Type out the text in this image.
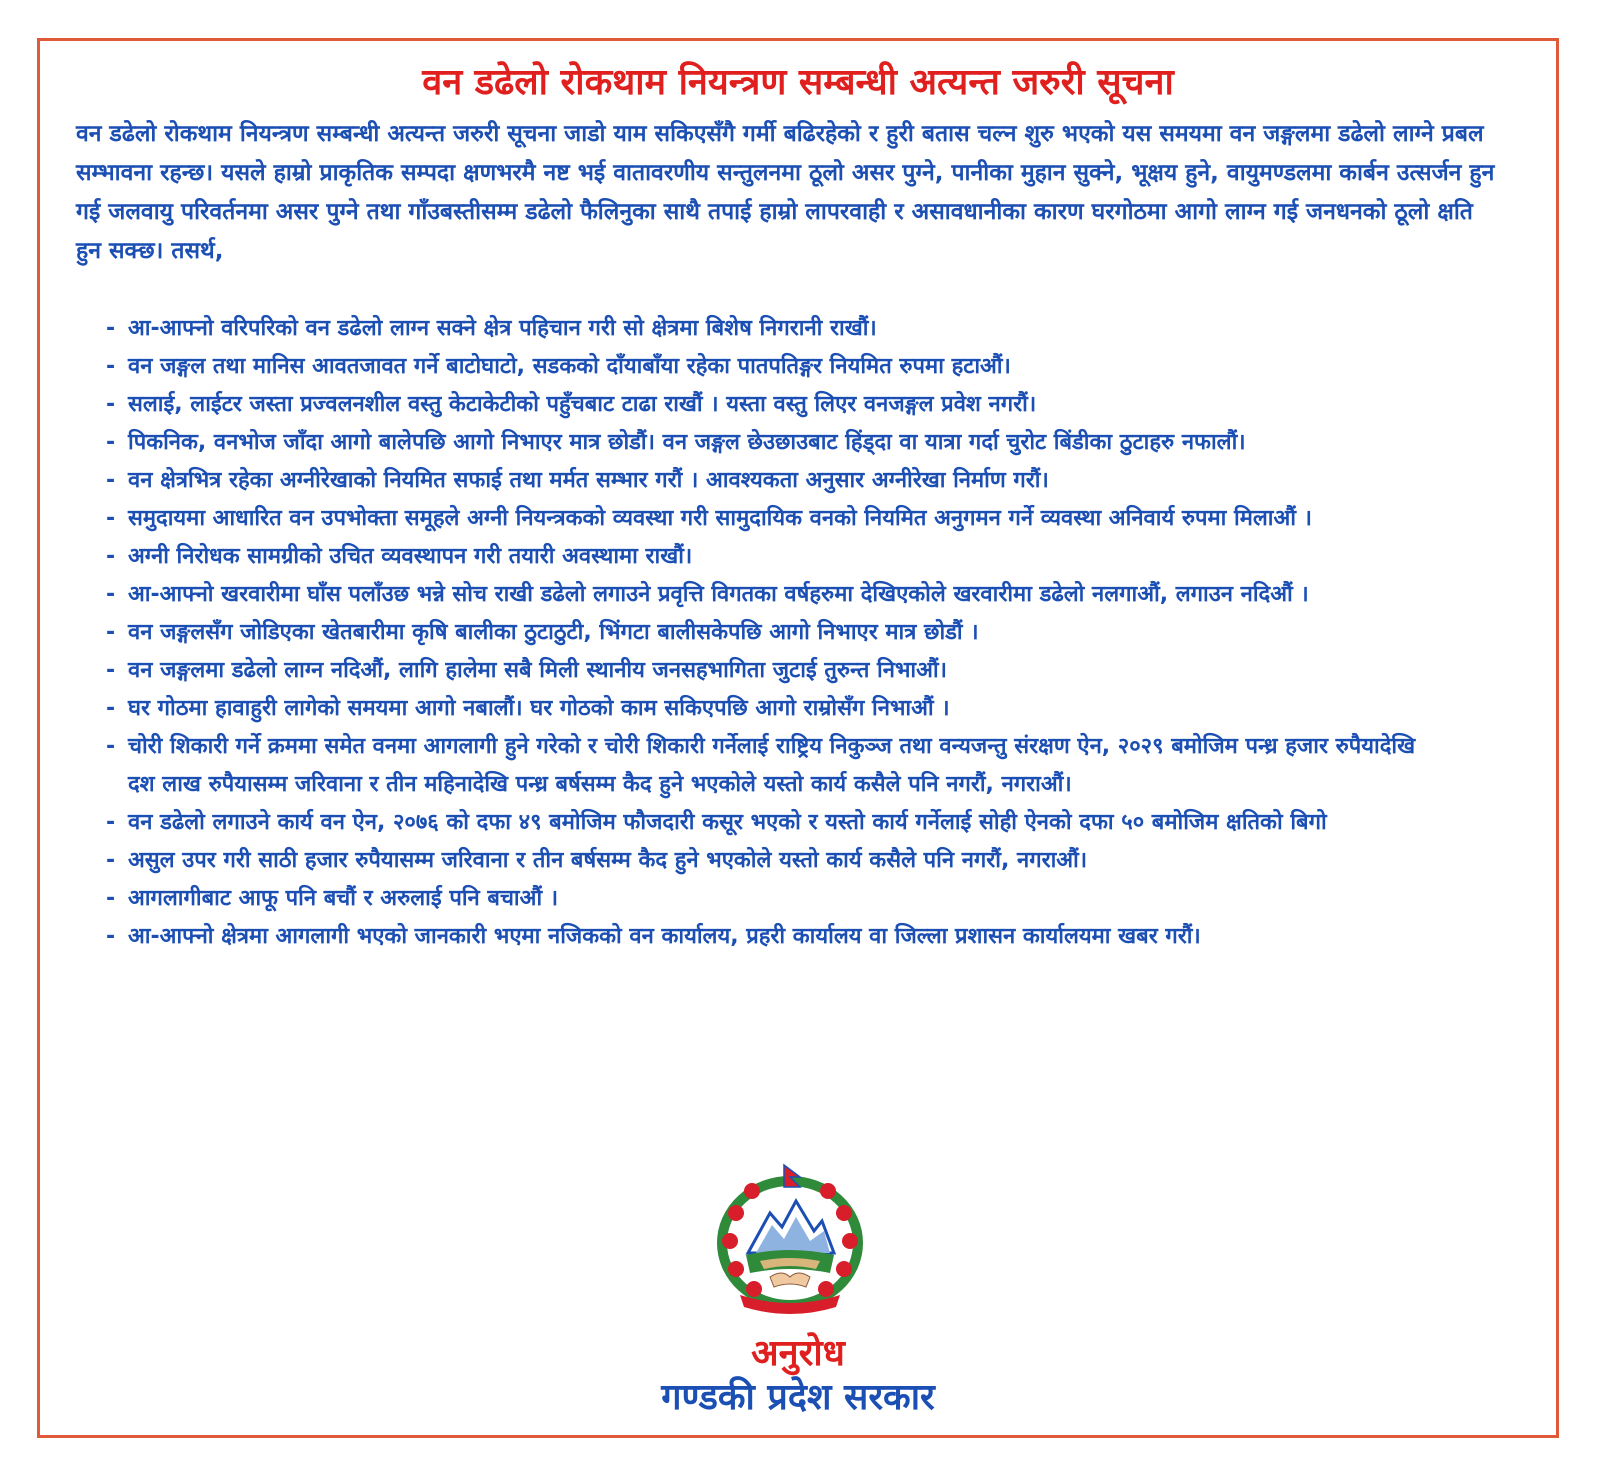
वन डढेलो रोकथाम नियन्त्रण सम्बन्धी अत्यन्त जरुरी सूचना

वन डढेलो रोकथाम नियन्त्रण सम्बन्धी अत्यन्त जरुरी सूचना जाडो याम सकिएसँगै गर्मी बढिरहेको र हुरी बतास चल्न शुरु भएको यस समयमा वन जङ्गलमा डढेलो लाग्ने प्रबल सम्भावना रहन्छ। यसले हाम्रो प्राकृतिक सम्पदा क्षणभरमै नष्ट भई वातावरणीय सन्तुलनमा ठूलो असर पुग्ने, पानीका मुहान सुक्ने, भूक्षय हुने, वायुमण्डलमा कार्बन उत्सर्जन हुन गई जलवायु परिवर्तनमा असर पुग्ने तथा गाँउबस्तीसम्म डढेलो फैलिनुका साथै तपाई हाम्रो लापरवाही र असावधानीका कारण घरगोठमा आगो लाग्न गई जनधनको ठूलो क्षति हुन सक्छ। तसर्थ,

- आ-आफ्नो वरिपरिको वन डढेलो लाग्न सक्ने क्षेत्र पहिचान गरी सो क्षेत्रमा बिशेष निगरानी राखौं।
- वन जङ्गल तथा मानिस आवतजावत गर्ने बाटोघाटो, सडकको दाँयाबाँया रहेका पातपतिङ्गर नियमित रुपमा हटाऔं।
- सलाई, लाईटर जस्ता प्रज्वलनशील वस्तु केटाकेटीको पहुँचबाट टाढा राखौं । यस्ता वस्तु लिएर वनजङ्गल प्रवेश नगरौं।
- पिकनिक, वनभोज जाँदा आगो बालेपछि आगो निभाएर मात्र छोडौं। वन जङ्गल छेउछाउबाट हिंड्दा वा यात्रा गर्दा चुरोट बिंडीका ठुटाहरु नफालौं।
- वन क्षेत्रभित्र रहेका अग्नीरेखाको नियमित सफाई तथा मर्मत सम्भार गरौं । आवश्यकता अनुसार अग्नीरेखा निर्माण गरौं।
- समुदायमा आधारित वन उपभोक्ता समूहले अग्नी नियन्त्रकको व्यवस्था गरी सामुदायिक वनको नियमित अनुगमन गर्ने व्यवस्था अनिवार्य रुपमा मिलाऔं ।
- अग्नी निरोधक सामग्रीको उचित व्यवस्थापन गरी तयारी अवस्थामा राखौं।
- आ-आफ्नो खरवारीमा घाँस पलाँउछ भन्ने सोच राखी डढेलो लगाउने प्रवृत्ति विगतका वर्षहरुमा देखिएकोले खरवारीमा डढेलो नलगाऔं, लगाउन नदिऔं ।
- वन जङ्गलसँग जोडिएका खेतबारीमा कृषि बालीका ठुटाठुटी, भिंगटा बालीसकेपछि आगो निभाएर मात्र छोडौं ।
- वन जङ्गलमा डढेलो लाग्न नदिऔं, लागि हालेमा सबै मिली स्थानीय जनसहभागिता जुटाई तुरुन्त निभाऔं।
- घर गोठमा हावाहुरी लागेको समयमा आगो नबालौं। घर गोठको काम सकिएपछि आगो राम्रोसँग निभाऔं ।
- चोरी शिकारी गर्ने क्रममा समेत वनमा आगलागी हुने गरेको र चोरी शिकारी गर्नेलाई राष्ट्रिय निकुञ्ज तथा वन्यजन्तु संरक्षण ऐन, २०२९ बमोजिम पन्ध्र हजार रुपैयादेखि दश लाख रुपैयासम्म जरिवाना र तीन महिनादेखि पन्ध्र बर्षसम्म कैद हुने भएकोले यस्तो कार्य कसैले पनि नगरौं, नगराऔं।
- वन डढेलो लगाउने कार्य वन ऐन, २०७६ को दफा ४९ बमोजिम फौजदारी कसूर भएको र यस्तो कार्य गर्नेलाई सोही ऐनको दफा ५० बमोजिम क्षतिको बिगो
- असुल उपर गरी साठी हजार रुपैयासम्म जरिवाना र तीन बर्षसम्म कैद हुने भएकोले यस्तो कार्य कसैले पनि नगरौं, नगराऔं।
- आगलागीबाट आफू पनि बचौं र अरुलाई पनि बचाऔं ।
- आ-आफ्नो क्षेत्रमा आगलागी भएको जानकारी भएमा नजिकको वन कार्यालय, प्रहरी कार्यालय वा जिल्ला प्रशासन कार्यालयमा खबर गरौं।

अनुरोध

गण्डकी प्रदेश सरकार
